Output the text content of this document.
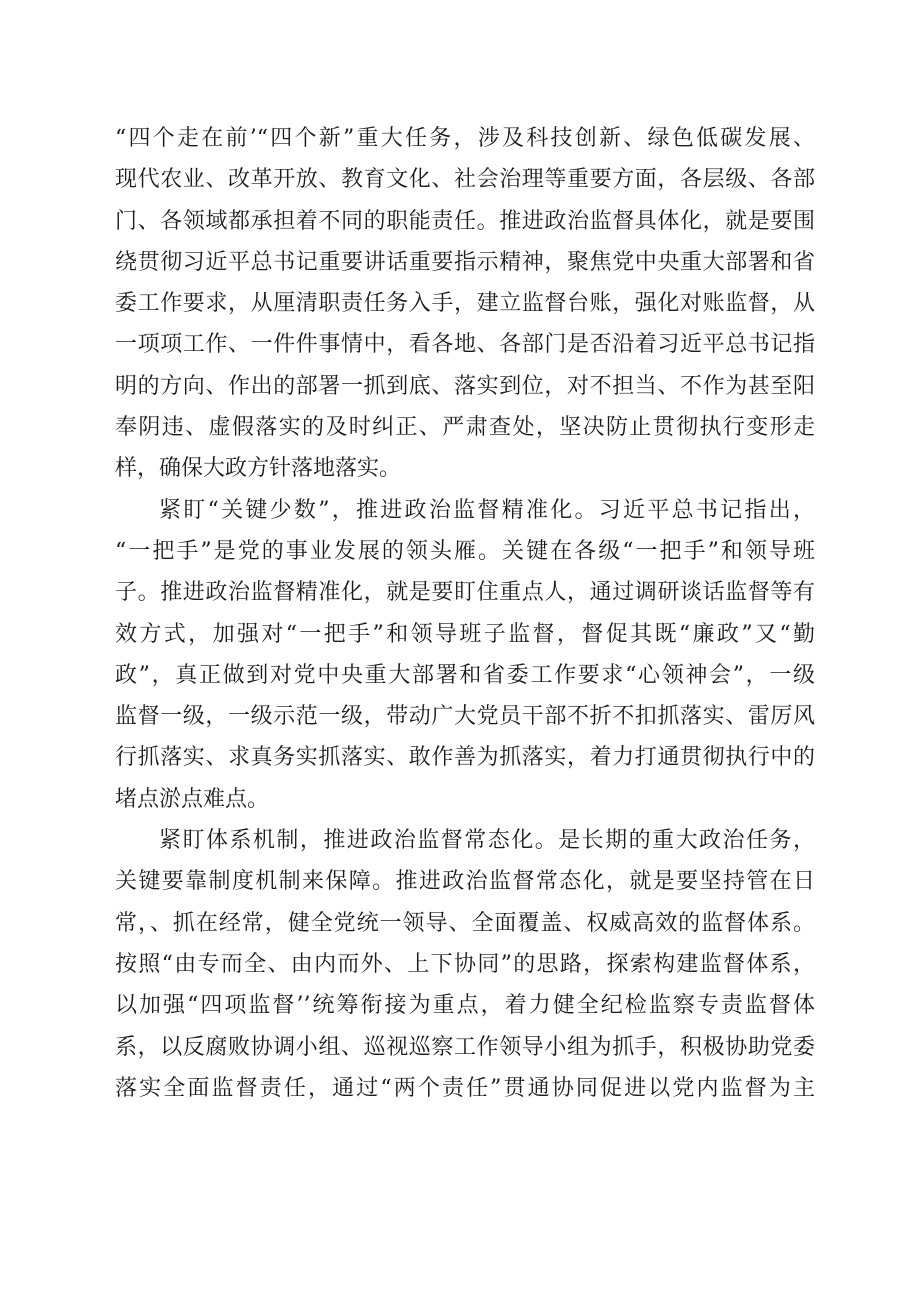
“四个走在前’“四个新”重大任务，涉及科技创新、绿色低碳发展、
现代农业、改革开放、教育文化、社会治理等重要方面，各层级、各部
门、各领域都承担着不同的职能责任。推进政治监督具体化，就是要围
绕贯彻习近平总书记重要讲话重要指示精神，聚焦党中央重大部署和省
委工作要求，从厘清职责任务入手，建立监督台账，强化对账监督，从
一项项工作、一件件事情中，看各地、各部门是否沿着习近平总书记指
明的方向、作出的部署一抓到底、落实到位，对不担当、不作为甚至阳
奉阴违、虚假落实的及时纠正、严肃查处，坚决防止贯彻执行变形走
样，确保大政方针落地落实。
紧盯“关键少数”，推进政治监督精准化。习近平总书记指出，
“一把手”是党的事业发展的领头雁。关键在各级“一把手”和领导班
子。推进政治监督精准化，就是要盯住重点人，通过调研谈话监督等有
效方式，加强对“一把手”和领导班子监督，督促其既“廉政”又“勤
政”，真正做到对党中央重大部署和省委工作要求“心领神会”，一级
监督一级，一级示范一级，带动广大党员干部不折不扣抓落实、雷厉风
行抓落实、求真务实抓落实、敢作善为抓落实，着力打通贯彻执行中的
堵点淤点难点。
紧盯体系机制，推进政治监督常态化。是长期的重大政治任务，
关键要靠制度机制来保障。推进政治监督常态化，就是要坚持管在日
常，、抓在经常，健全党统一领导、全面覆盖、权威高效的监督体系。
按照“由专而全、由内而外、上下协同”的思路，探索构建监督体系，
以加强“四项监督’’统筹衔接为重点，着力健全纪检监察专责监督体
系，以反腐败协调小组、巡视巡察工作领导小组为抓手，积极协助党委
落实全面监督责任，通过“两个责任”贯通协同促进以党内监督为主
